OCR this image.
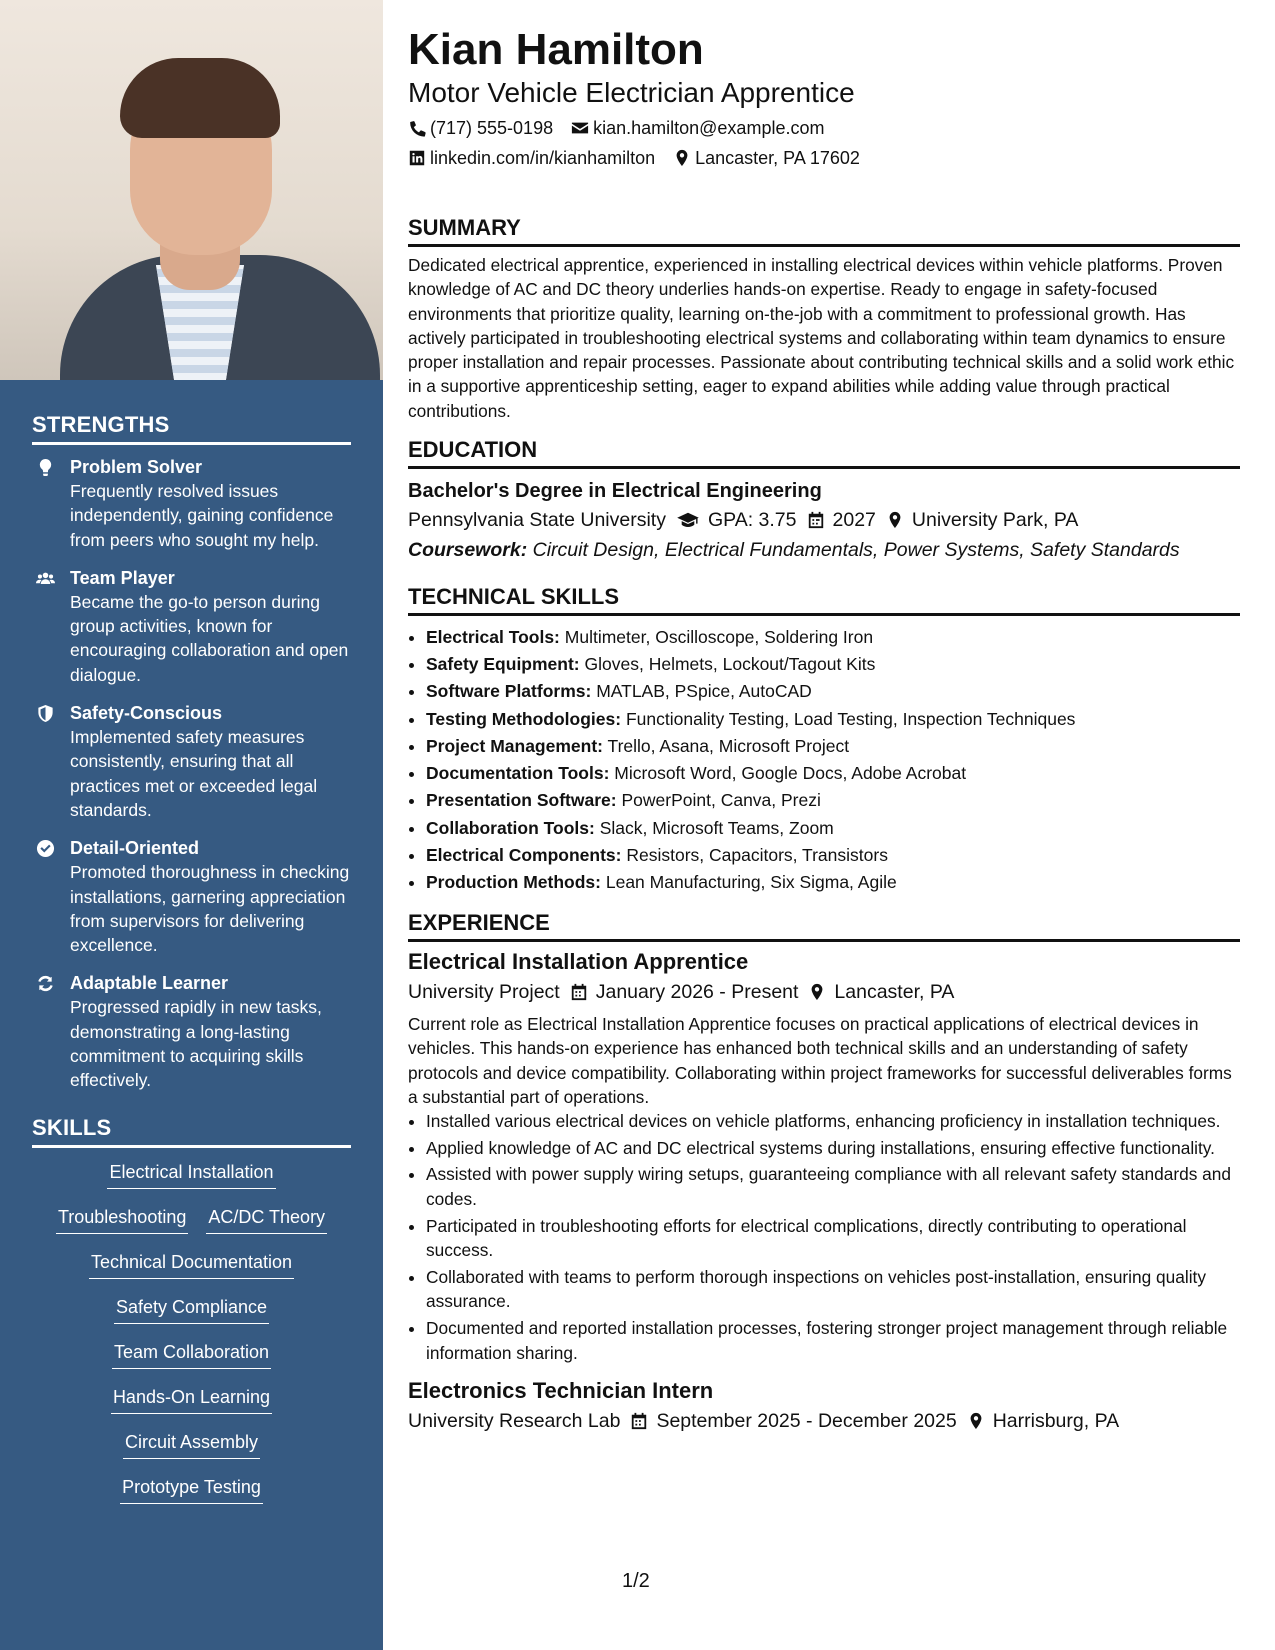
STRENGTHS
Problem Solver
Frequently resolved issues independently, gaining confidence from peers who sought my help.
Team Player
Became the go-to person during group activities, known for encouraging collaboration and open dialogue.
Safety-Conscious
Implemented safety measures consistently, ensuring that all practices met or exceeded legal standards.
Detail-Oriented
Promoted thoroughness in checking installations, garnering appreciation from supervisors for delivering excellence.
Adaptable Learner
Progressed rapidly in new tasks, demonstrating a long-lasting commitment to acquiring skills effectively.
SKILLS
Electrical Installation
Troubleshooting AC/DC Theory
Technical Documentation
Safety Compliance
Team Collaboration
Hands-On Learning
Circuit Assembly
Prototype Testing
Kian Hamilton
Motor Vehicle Electrician Apprentice
(717) 555-0198 kian.hamilton@example.com
linkedin.com/in/kianhamilton Lancaster, PA 17602
SUMMARY

Dedicated electrical apprentice, experienced in installing electrical devices within vehicle platforms. Proven knowledge of AC and DC theory underlies hands-on expertise. Ready to engage in safety-focused environments that prioritize quality, learning on-the-job with a commitment to professional growth. Has actively participated in troubleshooting electrical systems and collaborating within team dynamics to ensure proper installation and repair processes. Passionate about contributing technical skills and a solid work ethic in a supportive apprenticeship setting, eager to expand abilities while adding value through practical contributions.

EDUCATION
Bachelor's Degree in Electrical Engineering
Pennsylvania State University GPA: 3.75 2027 University Park, PA
Coursework: Circuit Design, Electrical Fundamentals, Power Systems, Safety Standards
TECHNICAL SKILLS
• Electrical Tools: Multimeter, Oscilloscope, Soldering Iron
• Safety Equipment: Gloves, Helmets, Lockout/Tagout Kits
• Software Platforms: MATLAB, PSpice, AutoCAD
• Testing Methodologies: Functionality Testing, Load Testing, Inspection Techniques
• Project Management: Trello, Asana, Microsoft Project
• Documentation Tools: Microsoft Word, Google Docs, Adobe Acrobat
• Presentation Software: PowerPoint, Canva, Prezi
• Collaboration Tools: Slack, Microsoft Teams, Zoom
• Electrical Components: Resistors, Capacitors, Transistors
• Production Methods: Lean Manufacturing, Six Sigma, Agile
EXPERIENCE
Electrical Installation Apprentice
University Project January 2026 - Present Lancaster, PA

Current role as Electrical Installation Apprentice focuses on practical applications of electrical devices in vehicles. This hands-on experience has enhanced both technical skills and an understanding of safety protocols and device compatibility. Collaborating within project frameworks for successful deliverables forms a substantial part of operations.

• Installed various electrical devices on vehicle platforms, enhancing proficiency in installation techniques.
• Applied knowledge of AC and DC electrical systems during installations, ensuring effective functionality.
• Assisted with power supply wiring setups, guaranteeing compliance with all relevant safety standards and codes.
• Participated in troubleshooting efforts for electrical complications, directly contributing to operational success.
• Collaborated with teams to perform thorough inspections on vehicles post-installation, ensuring quality assurance.
• Documented and reported installation processes, fostering stronger project management through reliable information sharing.
Electronics Technician Intern
University Research Lab September 2025 - December 2025 Harrisburg, PA
1/2
